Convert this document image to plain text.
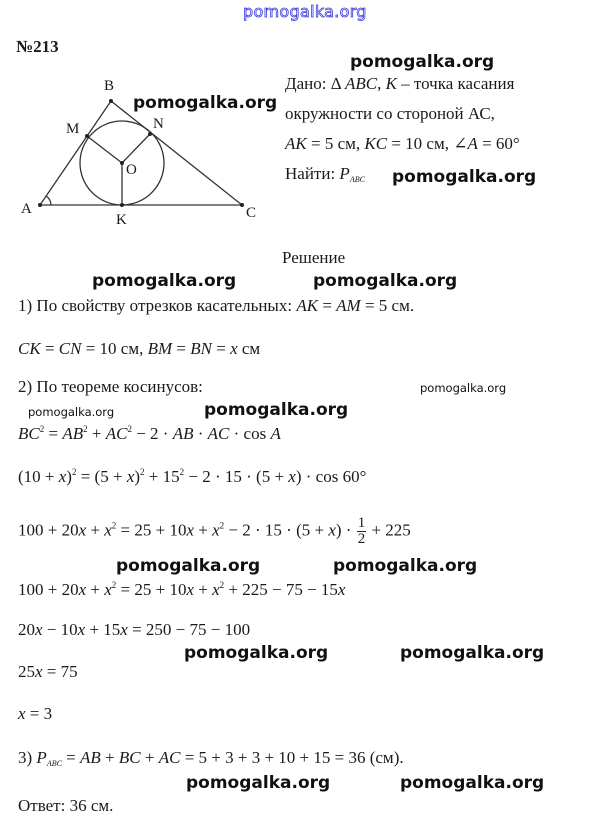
pomogalka.org
№213
B
M	N
O
A
K	C
Дано: Δ ABC, K – точка касания
окружности со стороной АС,
AK = 5 см, KC = 10 см, ∠A = 60°
Найти: $P_{ABC}$
Решение
1) По свойству отрезков касательных: AK = AM = 5 см.
CK = CN = 10 см, BM = BN = x см
2) По теореме косинусов:
$BC^2 = AB^2 + AC^2 - 2$ · AB · AC · cos A
$(10 + x)^2 = (5 + x)^2 + 15^2 - 2 \cdot 15 \cdot (5 + x) \cdot \cos 60^\circ$
$100 + 20x + x^2 = 25 + 10x + x^2 - 2 \cdot 15 \cdot (5 + x) \cdot \frac{1}{2} + 225$
$100 + 20x + x^2 = 25 + 10x + x^2 + 225 - 75 - 15x$
20x − 10x + 15x = 250 − 75 − 100
25x = 75
x = 3
3) $P_{ABC}$ = AB + BC + AC = 5 + 3 + 3 + 10 + 15 = 36 (см).
Ответ: 36 см.
pomogalka.org
pomogalka.org
pomogalka.org
pomogalka.org	pomogalka.org
pomogalka.org
pomogalka.org	pomogalka.org
pomogalka.org	pomogalka.org
pomogalka.org	pomogalka.org
pomogalka.org
pomogalka.org
